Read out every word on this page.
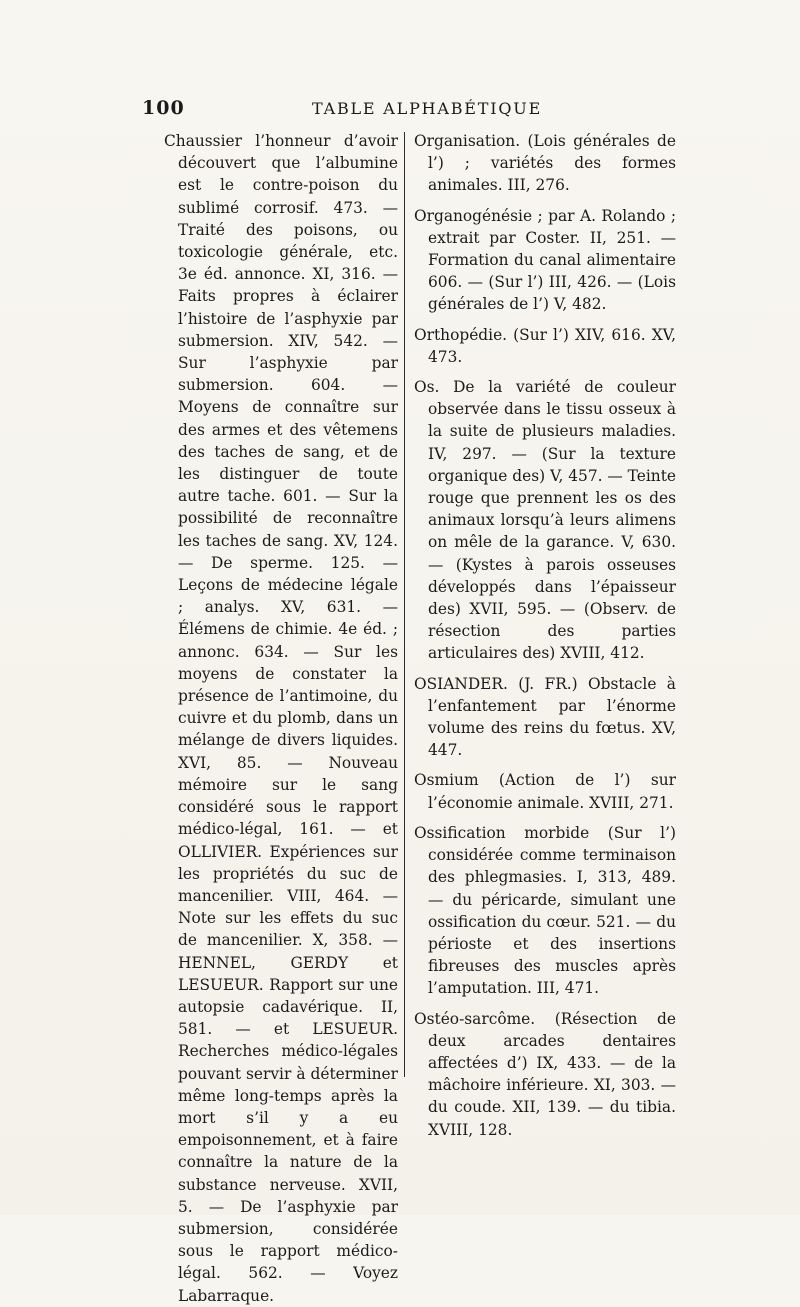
100	TABLE ALPHABÉTIQUE

Chaussier l’honneur d’avoir découvert que l’albumine est le contre-poison du sublimé corrosif. 473. — Traité des poisons, ou toxicologie générale, etc. 3e éd. annonce. XI, 316. — Faits propres à éclairer l’histoire de l’asphyxie par submersion. XIV, 542. — Sur l’asphyxie par submersion. 604. — Moyens de connaître sur des armes et des vêtemens des taches de sang, et de les distinguer de toute autre tache. 601. — Sur la possibilité de reconnaître les taches de sang. XV, 124. — De sperme. 125. — Leçons de médecine légale ; analys. XV, 631. — Élémens de chimie. 4e éd. ; annonc. 634. — Sur les moyens de constater la présence de l’antimoine, du cuivre et du plomb, dans un mélange de divers liquides. XVI, 85. — Nouveau mémoire sur le sang considéré sous le rapport médico-légal, 161. — et OLLIVIER. Expériences sur les propriétés du suc de mancenilier. VIII, 464. — Note sur les effets du suc de mancenilier. X, 358. — HENNEL, GERDY et LESUEUR. Rapport sur une autopsie cadavérique. II, 581. — et LESUEUR. Recherches médico-légales pouvant servir à déterminer même long-temps après la mort s’il y a eu empoisonnement, et à faire connaître la nature de la substance nerveuse. XVII, 5. — De l’asphyxie par submersion, considérée sous le rapport médico-légal. 562. — Voyez Labarraque.

Organisation. (Lois générales de l’) ; variétés des formes animales. III, 276.

Organogénésie ; par A. Rolando ; extrait par Coster. II, 251. — Formation du canal alimentaire 606. — (Sur l’) III, 426. — (Lois générales de l’) V, 482.

Orthopédie. (Sur l’) XIV, 616. XV, 473.

Os. De la variété de couleur observée dans le tissu osseux à la suite de plusieurs maladies. IV, 297. — (Sur la texture organique des) V, 457. — Teinte rouge que prennent les os des animaux lorsqu’à leurs alimens on mêle de la garance. V, 630. — (Kystes à parois osseuses développés dans l’épaisseur des) XVII, 595. — (Observ. de résection des parties articulaires des) XVIII, 412.

OSIANDER. (J. FR.) Obstacle à l’enfantement par l’énorme volume des reins du fœtus. XV, 447.

Osmium (Action de l’) sur l’économie animale. XVIII, 271.

Ossification morbide (Sur l’) considérée comme terminaison des phlegmasies. I, 313, 489. — du péricarde, simulant une ossification du cœur. 521. — du périoste et des insertions fibreuses des muscles après l’amputation. III, 471.

Ostéo-sarcôme. (Résection de deux arcades dentaires affectées d’) IX, 433. — de la mâchoire inférieure. XI, 303. — du coude. XII, 139. — du tibia. XVIII, 128.
